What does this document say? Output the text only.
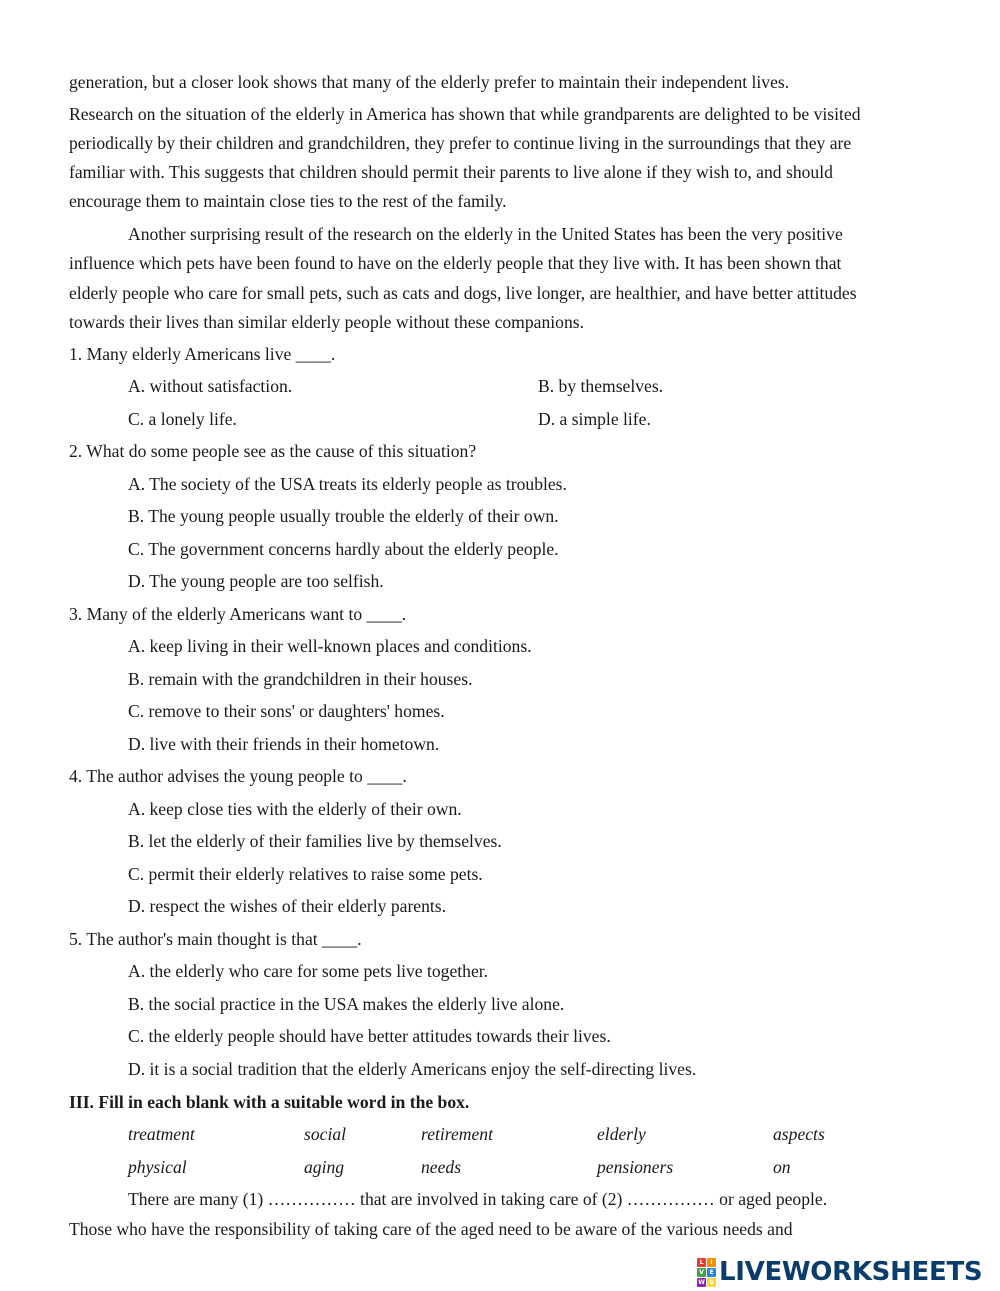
generation, but a closer look shows that many of the elderly prefer to maintain their independent lives.
Research on the situation of the elderly in America has shown that while grandparents are delighted to be visited
periodically by their children and grandchildren, they prefer to continue living in the surroundings that they are
familiar with. This suggests that children should permit their parents to live alone if they wish to, and should
encourage them to maintain close ties to the rest of the family.
Another surprising result of the research on the elderly in the United States has been the very positive
influence which pets have been found to have on the elderly people that they live with. It has been shown that
elderly people who care for small pets, such as cats and dogs, live longer, are healthier, and have better attitudes
towards their lives than similar elderly people without these companions.
1. Many elderly Americans live ____.
A. without satisfaction.	B. by themselves.
C. a lonely life.	D. a simple life.
2. What do some people see as the cause of this situation?
A. The society of the USA treats its elderly people as troubles.
B. The young people usually trouble the elderly of their own.
C. The government concerns hardly about the elderly people.
D. The young people are too selfish.
3. Many of the elderly Americans want to ____.
A. keep living in their well-known places and conditions.
B. remain with the grandchildren in their houses.
C. remove to their sons' or daughters' homes.
D. live with their friends in their hometown.
4. The author advises the young people to ____.
A. keep close ties with the elderly of their own.
B. let the elderly of their families live by themselves.
C. permit their elderly relatives to raise some pets.
D. respect the wishes of their elderly parents.
5. The author's main thought is that ____.
A. the elderly who care for some pets live together.
B. the social practice in the USA makes the elderly live alone.
C. the elderly people should have better attitudes towards their lives.
D. it is a social tradition that the elderly Americans enjoy the self-directing lives.
III. Fill in each blank with a suitable word in the box.
treatment	social	retirement	elderly	aspects
physical	aging	needs	pensioners	on
There are many (1) …………… that are involved in taking care of (2) …………… or aged people.
Those who have the responsibility of taking care of the aged need to be aware of the various needs and
L	I
V E
W S LIVEWORKSHEETS
